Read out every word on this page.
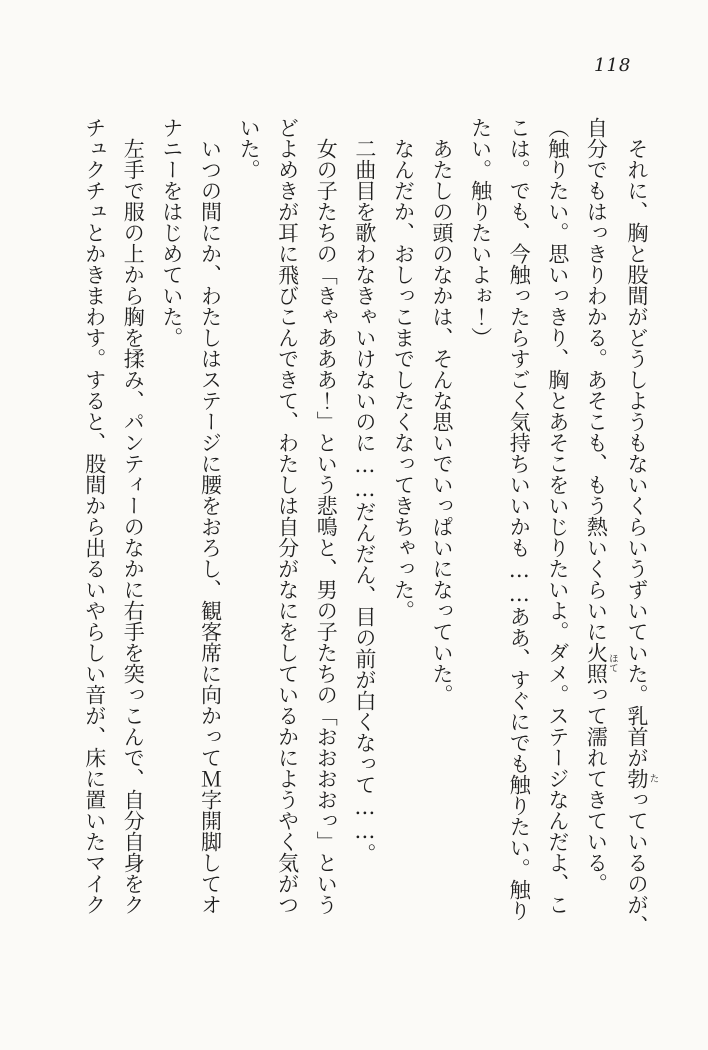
118
　それに、胸と股間がどうしようもないくらいうずいていた。乳首が勃たっているのが、
自分でもはっきりわかる。あそこも、もう熱いくらいに火照ほてって濡れてきている。
（触りたい。思いっきり、胸とあそこをいじりたいよ。ダメ。ステージなんだよ、こ
こは。でも、今触ったらすごく気持ちいいかも……ああ、すぐにでも触りたい。触り
たい。触りたいよぉ！）
　あたしの頭のなかは、そんな思いでいっぱいになっていた。
　なんだか、おしっこまでしたくなってきちゃった。
　二曲目を歌わなきゃいけないのに……だんだん、目の前が白くなって……。
　女の子たちの「きゃあああ！」という悲鳴と、男の子たちの「おおおおっ」という
どよめきが耳に飛びこんできて、わたしは自分がなにをしているかにようやく気がつ
いた。
　いつの間にか、わたしはステージに腰をおろし、観客席に向かってＭ字開脚してオ
ナニーをはじめていた。
　左手で服の上から胸を揉み、パンティーのなかに右手を突っこんで、自分自身をク
チュクチュとかきまわす。すると、股間から出るいやらしい音が、床に置いたマイク
